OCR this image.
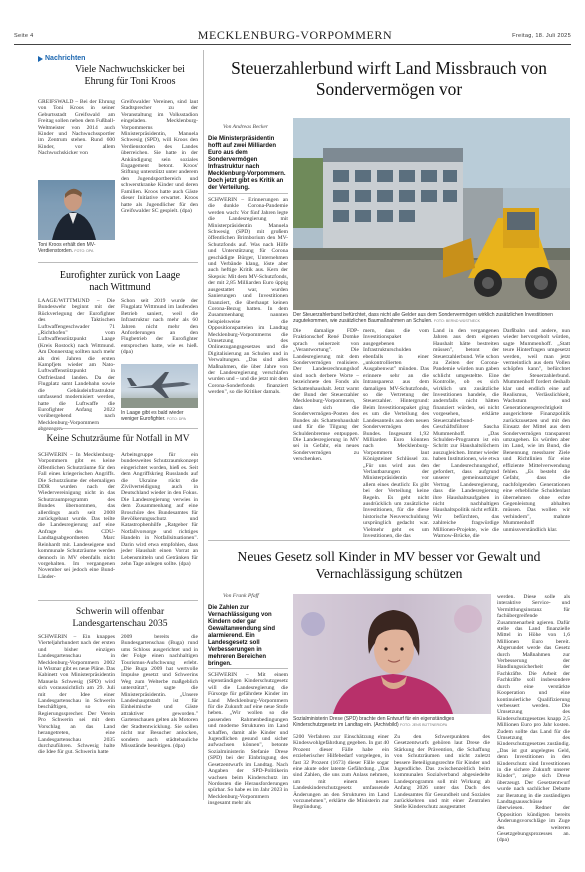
Seite 4	MECKLENBURG-VORPOMMERN	Freitag, 18. Juli 2025
Nachrichten
Viele Nachwuchskicker bei Ehrung für Toni Kroos
GREIFSWALD – Bei der Ehrung von Toni Kroos in seiner Geburtsstadt Greifswald am Freitag sollen neben dem Fußball-Weltmeister von 2014 auch Kinder und Nachwuchssportler im Zentrum stehen. Rund 600 Kinder, vor allem Nachwuchskicker von
Greifswalder Vereinen, sind laut Stadtsprecher zu der Veranstaltung im Volksstadion eingeladen. Mecklenburg-Vorpommerns Ministerpräsidentin, Manuela Schwesig (SPD), will Kroos den Verdienstorden des Landes überreichen. Sie hatte in der Ankündigung sein soziales Engagement betont. Kroos' Stiftung unterstützt unter anderem den Jugendsportbereich und schwerstkranke Kinder und deren Familien. Kroos hatte auch Gäste dieser Initiative erwartet. Kroos hatte als Jugendlicher für den Greifswalder SC gespielt. (dpa)
Toni Kroos erhält den MV-Verdienstorden. FOTO: DPA
Eurofighter zurück von Laage nach Wittmund
LAAGE/WITTMUND – Die Bundeswehr beginnt mit der Rückverlegung der Eurofighter des Taktischen Luftwaffengeschwader 71 „Richthofen" vom Luftwaffenstützpunkt Laage (Kreis Rostock) nach Wittmund. Am Donnerstag sollten nach mehr als drei Jahren die ersten Kampfjets wieder am Nato-Luftwaffenstützpunkt in Ostfriesland landen. Da der Flugplatz samt Landebahn sowie die Gebäudeinfrastruktur umfassend modernisiert werden, hatte die Luftwaffe die Eurofighter Anfang 2022 vorübergehend nach Mecklenburg-Vorpommern abgezogen.
Schon seit 2019 wurde der Flugplatz Wittmund im laufenden Betrieb saniert, weil die Infrastruktur nach mehr als 60 Jahren nicht mehr den Anforderungen an den Flugbetrieb der Eurofighter entsprochen hatte, wie es hieß. (dpa)
In Laage gibt es bald wieder weniger Eurofighter. FOTO: DPA
Keine Schutzräume für Notfall in MV
SCHWERIN – In Mecklenburg-Vorpommern gibt es keine öffentlichen Schutzräume für den Fall eines kriegerischen Angriffs. Die Schutzräume der ehemaligen DDR wurden nach der Wiedervereinigung nicht in das Schutzraumprogramm des Bundes übernommen, das allerdings auch seit 2008 zurückgebaut wurde. Das teilte die Landesregierung auf eine Anfrage des CDU-Landtagsabgeordneten Marc Reinhardt mit. Landeseigene und kommunale Schutzräume werden dennoch in MV ebenfalls nicht vorgehalten. Im vergangenen November sei jedoch eine Bund-Länder-
Arbeitsgruppe für ein bundesweites Schutzraumkonzept eingerichtet worden, hieß es. Seit dem Angriffskrieg Russlands auf die Ukraine rückt die Zivilverteidigung auch in Deutschland wieder in den Fokus. Die Landesregierung verwies in dem Zusammenhang auf eine Broschüre des Bundesamtes für Bevölkerungsschutz und Katastrophenhilfe „Ratgeber für Notfallvorsorge und richtiges Handeln in Notfallsituationen". Darin wird etwa empfohlen, dass jeder Haushalt einen Vorrat an Lebensmitteln und Getränken für zehn Tage anlegen sollte. (dpa)
Schwerin will offenbar Landesgartenschau 2035
SCHWERIN – Ein knappes Vierteljahrhundert nach der ersten und bisher einzigen Landesgartenschau in Mecklenburg-Vorpommern 2002 in Wismar gibt es neue Pläne. Das Kabinett von Ministerpräsidentin Manuela Schwesig (SPD) wird sich voraussichtlich am 29. Juli mit der Idee einer Landesgartenschau in Schwerin beschäftigen, so ein Regierungssprecher. Der Verein Pro Schwerin sei mit dem Vorschlag an das Land herangetreten, eine Landesgartenschau 2035 durchzuführen. Schwesig halte die Idee für gut. Schwerin hatte
2009 bereits die Bundesgartenschau (Buga) rund ums Schloss ausgerichtet und in der Folge einen nachhaltigen Tourismus-Aufschwung erlebt. „Die Buga 2009 hat wertvolle Impulse gesetzt und Schwerins Weg zum Welterbe maßgeblich unterstützt", sagte die Ministerpräsidentin. „Unsere Landeshauptstadt ist für Einheimische und Gäste attraktiver geworden." Gartenschauen gelten als Motoren der Stadtentwicklung. Sie sollen nicht nur Besucher anlocken, sondern auch städtebauliche Missstände beseitigen. (dpa)
Steuerzahlerbund wirft Land Missbrauch von Sondervermögen vor
Von Andreas Becker
Die Ministerpräsidentin hofft auf zwei Milliarden Euro aus dem Sondervermögen Infrastruktur nach Mecklenburg-Vorpommern. Doch jetzt gibt es Kritik an der Verteilung.
SCHWERIN – Erinnerungen an die dunkle Corona-Pandemie werden wach: Vor fünf Jahren legte die Landesregierung mit Ministerpräsidentin Manuela Schwesig (SPD) mit großem öffentlichen Brimborium den MV-Schutzfonds auf. Was nach Hilfe und Unterstützung für Corona geschädigte Bürger, Unternehmen und Verbände klang, löste aber auch heftige Kritik aus. Kern der Skepsis: Mit dem MV-Schutzfonds, der mit 2,85 Milliarden Euro üppig ausgestattet war, wurden Sanierungen und Investitionen finanziert, die überhaupt keinen Corona-Bezug hatten. In dem Zusammenhang nannten beispielsweise die Oppositionsparteien im Landtag Mecklenburg-Vorpommerns die Umsetzung des Onlinezugangsgesetzes und die Digitalisierung an Schulen und in Verwaltungen. „Das sind alles Maßnahmen, die über Jahre von der Landesregierung verschlafen wurden und – und die jetzt mit dem Corona-Sonderfonds finanziert werden", so die Kritiker damals.
Der Steuerzahlerbund befürchtet, dass nicht alle Gelder aus dem Sondervermögen wirklich zusätzlichen Investitionen zugutekommen, wie zusätzlichen Baumaßnahmen an Schulen. FOTO: BERND WÜSTNECK
Die damalige FDP-Fraktionschef René Domke sprach seinerzeit von „Verantwortung". Die Landesregierung mit dem Sondervermögen realisiere. Der Landesrechnungshof sind noch derbere Worte – bezeichnete den Fonds als Schattenhaushalt. Jetzt warnt der Bund der Steuerzahler Mecklenburg-Vorpommern, dass sich die Sondervermögen-Posten des Bundes als Schattenhaushalt und für die Tilgung der Schuldenbremse entpuppen. Die Landesregierung in MV sei in Gefahr, ein neues Sondervermögen zu verschenken.
mern, dass die vom Investitionspaket ausgegebenen Infrastrukturschulden ebenfalls in einer „unkontrollierten Ausgabenwut" münden. Das erinnere sehr an die Intransparenz aus dem damaligen MV-Schutzfonds, so die Vertretung der Steuerzahler. Hintergrund: Beim Investitionspaket ging es um die Verteilung des Landesanteils aus dem neuen Sondervermögen des Bundes. Insgesamt 1,92 Milliarden Euro könnten nach Mecklenburg-Vorpommern laut Königsteiner Schlüssel zu. „Für uns wird aus den Verlautbarungen der Ministerpräsidentin vor allem eines deutlich: Es gibt bei der Verteilung keine Regeln. Es geht nicht ausdrücklich um zusätzliche Investitionen, für die diese historische Neuverschuldung ursprünglich gedacht war. Vielmehr geht es um Investitionen, die das
Land in den vergangenen Jahren aus dem eigenen Haushalt hätte bestreiten müssen", betont der Steuerzahlerbund. Wie schon zu Zeiten der Corona-Pandemie würden nun gaben schlicht umgesteltte. Eine Kontrolle, ob es sich wirklich um zusätzliche Investitionen handele, die andernfalls nicht hätten finanziert würden, sei nicht vorgesehen, erklärte Steuerzahlerbund-Geschäftsführer Sascha Mummenhoff. „Das Schulden-Programm ist ein Schritt zur Haushaltslöchern auszugleichen. Immer wieder haben Institutionen, wie etwa der Landesrechnungshof, gefordert, dass aufgrund unserer gemeinsamziger Vertrag Landesregierung, dass die Landesregierung ihre Haushaltsaufgaben in nicht nachhaltigen Haushaltspolitik nicht erfüllt. Wir befürchten, das zahlreiche fragwürdige Millionen-Projekte, wie die Warnow-Brücke, die
Darßbahn und andere, nun wieder hervorgeholt würden, sagte Mummenhoff. „Statt teure Hinterfragen umgesetzt werden, weil man jetzt vermeintlich aus dem Vollen schöpfen kann", befürchtet der Steuerzahlerbund. Mummenhoff fordert deshalb klar und endlich eine auf Realismus, Verlässlichkeit, Wachstum und Generationengerechtigkeit ausgerichtete Finanzpolitik zurückzusetzen und mit den Einsatz der Mittel aus dem Sondervermögen transparent umzugehen. Es würden aber im Land, wie im Bund, die Benennung messbarer Ziele und Richtlinien für eine effiziente Mittelverwendung fehlen. „Es besteht die Gefahr, dass die nachfolgenden Generationen eine erhebliche Schuldenlast übernehmen ohne echte Gegenleistung abhalten müssen. Das wollen wir verhindern", mahnte Mummenhoff unmissverständlich klar.
Neues Gesetz soll Kinder in MV besser vor Gewalt und Vernachlässigung schützen
Von Frank Pfaff
Die Zahlen zur Vernachlässigung von Kindern oder gar Gewaltanwendung sind alarmierend. Ein Landesgesetz soll Verbesserungen in mehreren Bereichen bringen.
SCHWERIN – Mit einem eigenständigen Kinderschutzgesetz will die Landesregierung die Fürsorge für gefährdete Kinder im Land Mecklenburg-Vorpommern für die Zukunft auf eine neue Stufe heben. „Wir wollen so die passenden Rahmenbedingungen und moderne Strukturen im Land schaffen, damit alle Kinder und Jugendlichen gesund und sicher aufwachsen können", betonte Sozialministerin Stefanie Drese (SPD) bei der Einbringung des Gesetzentwurfs im Landtag. Nach Angaben der SPD-Politikerin wachsen beim Kinderschutz im Nordosten die Herausforderungen spürbar. So habe es im Jahr 2023 in Mecklenburg-Vorpommern insgesamt mehr als
Sozialministerin Drese (SPD) brachte den Entwurf für ein eigenständiges Kinderschutzgesetz im Landtag ein. (Archivbild) FOTO: JENS BÜTTNER/DPA
5200 Verfahren zur Einschätzung einer Kindeswohlgefährdung gegeben. In gut 40 Prozent dieser Fälle habe ein erzieherischer Hilfebedarf vorgelegen, in fast 32 Prozent (1673) dieser Fälle sogar eine akute oder latente Gefährdung. „Das sind Zahlen, die uns zum Anlass nehmen, um mit einem neuen Landeskinderschutzgesetz umfassende Änderungen an den Strukturen im Land vorzunehmen", erklärte die Ministerin zur Begründung.
Zu den Schwerpunkten des Gesetzentwurfs gehören laut Drese die Stärkung der Prävention, die Schaffung von Schutzräumen und nicht zuletzt bessere Beteiligungsrechte für Kinder und Jugendliche. Das zwischenzeitlich beim kommunalen Sozialverband abgesiedelte Landesprogramm soll mit Wirkung ab Anfang 2026 unter das Dach des Landesamtes für Gesundheit und Soziales zurückkehren und mit einer Zentralen Stelle Kinderschutz ausgestattet
werden. Diese solle als interaktive Service- und Vermittlungsinstanz für fachübergreifende Zusammenarbeit agieren. Dafür stelle das Land finanzielle Mittel in Höhe von 1,6 Millionen Euro bereit. Abgerundet werde das Gesetz durch Maßnahmen zur Verbesserung der Handlungssicherheit der Fachkräfte. Die Arbeit der Fachkräfte soll insbesondere durch eine verstärkte Kooperation und eine kontinuierliche Qualifizierung verbessert werden. Die Umsetzung des Kinderschutzgesetzes knapp 2,5 Millionen Euro pro Jahr kosten. Zudem sollte das Land für die Umsetzung des Kinderschutzgesetzes zuständig. „Das ist gut angelegtes Geld, denn Investitionen in den Kinderschutz sind Investitionen in die sichere Zukunft unserer Kinder", zeigte sich Drese überzeugt. Der Gesetzentwurf wurde nach sachlicher Debatte zur Beratung in die zuständigen Landtagsausschüsse überwiesen. Redner der Opposition kündigten bereits Änderungsvorschläge im Zuge des weiteren Gesetzgebungsprozesses an. (dpa)
